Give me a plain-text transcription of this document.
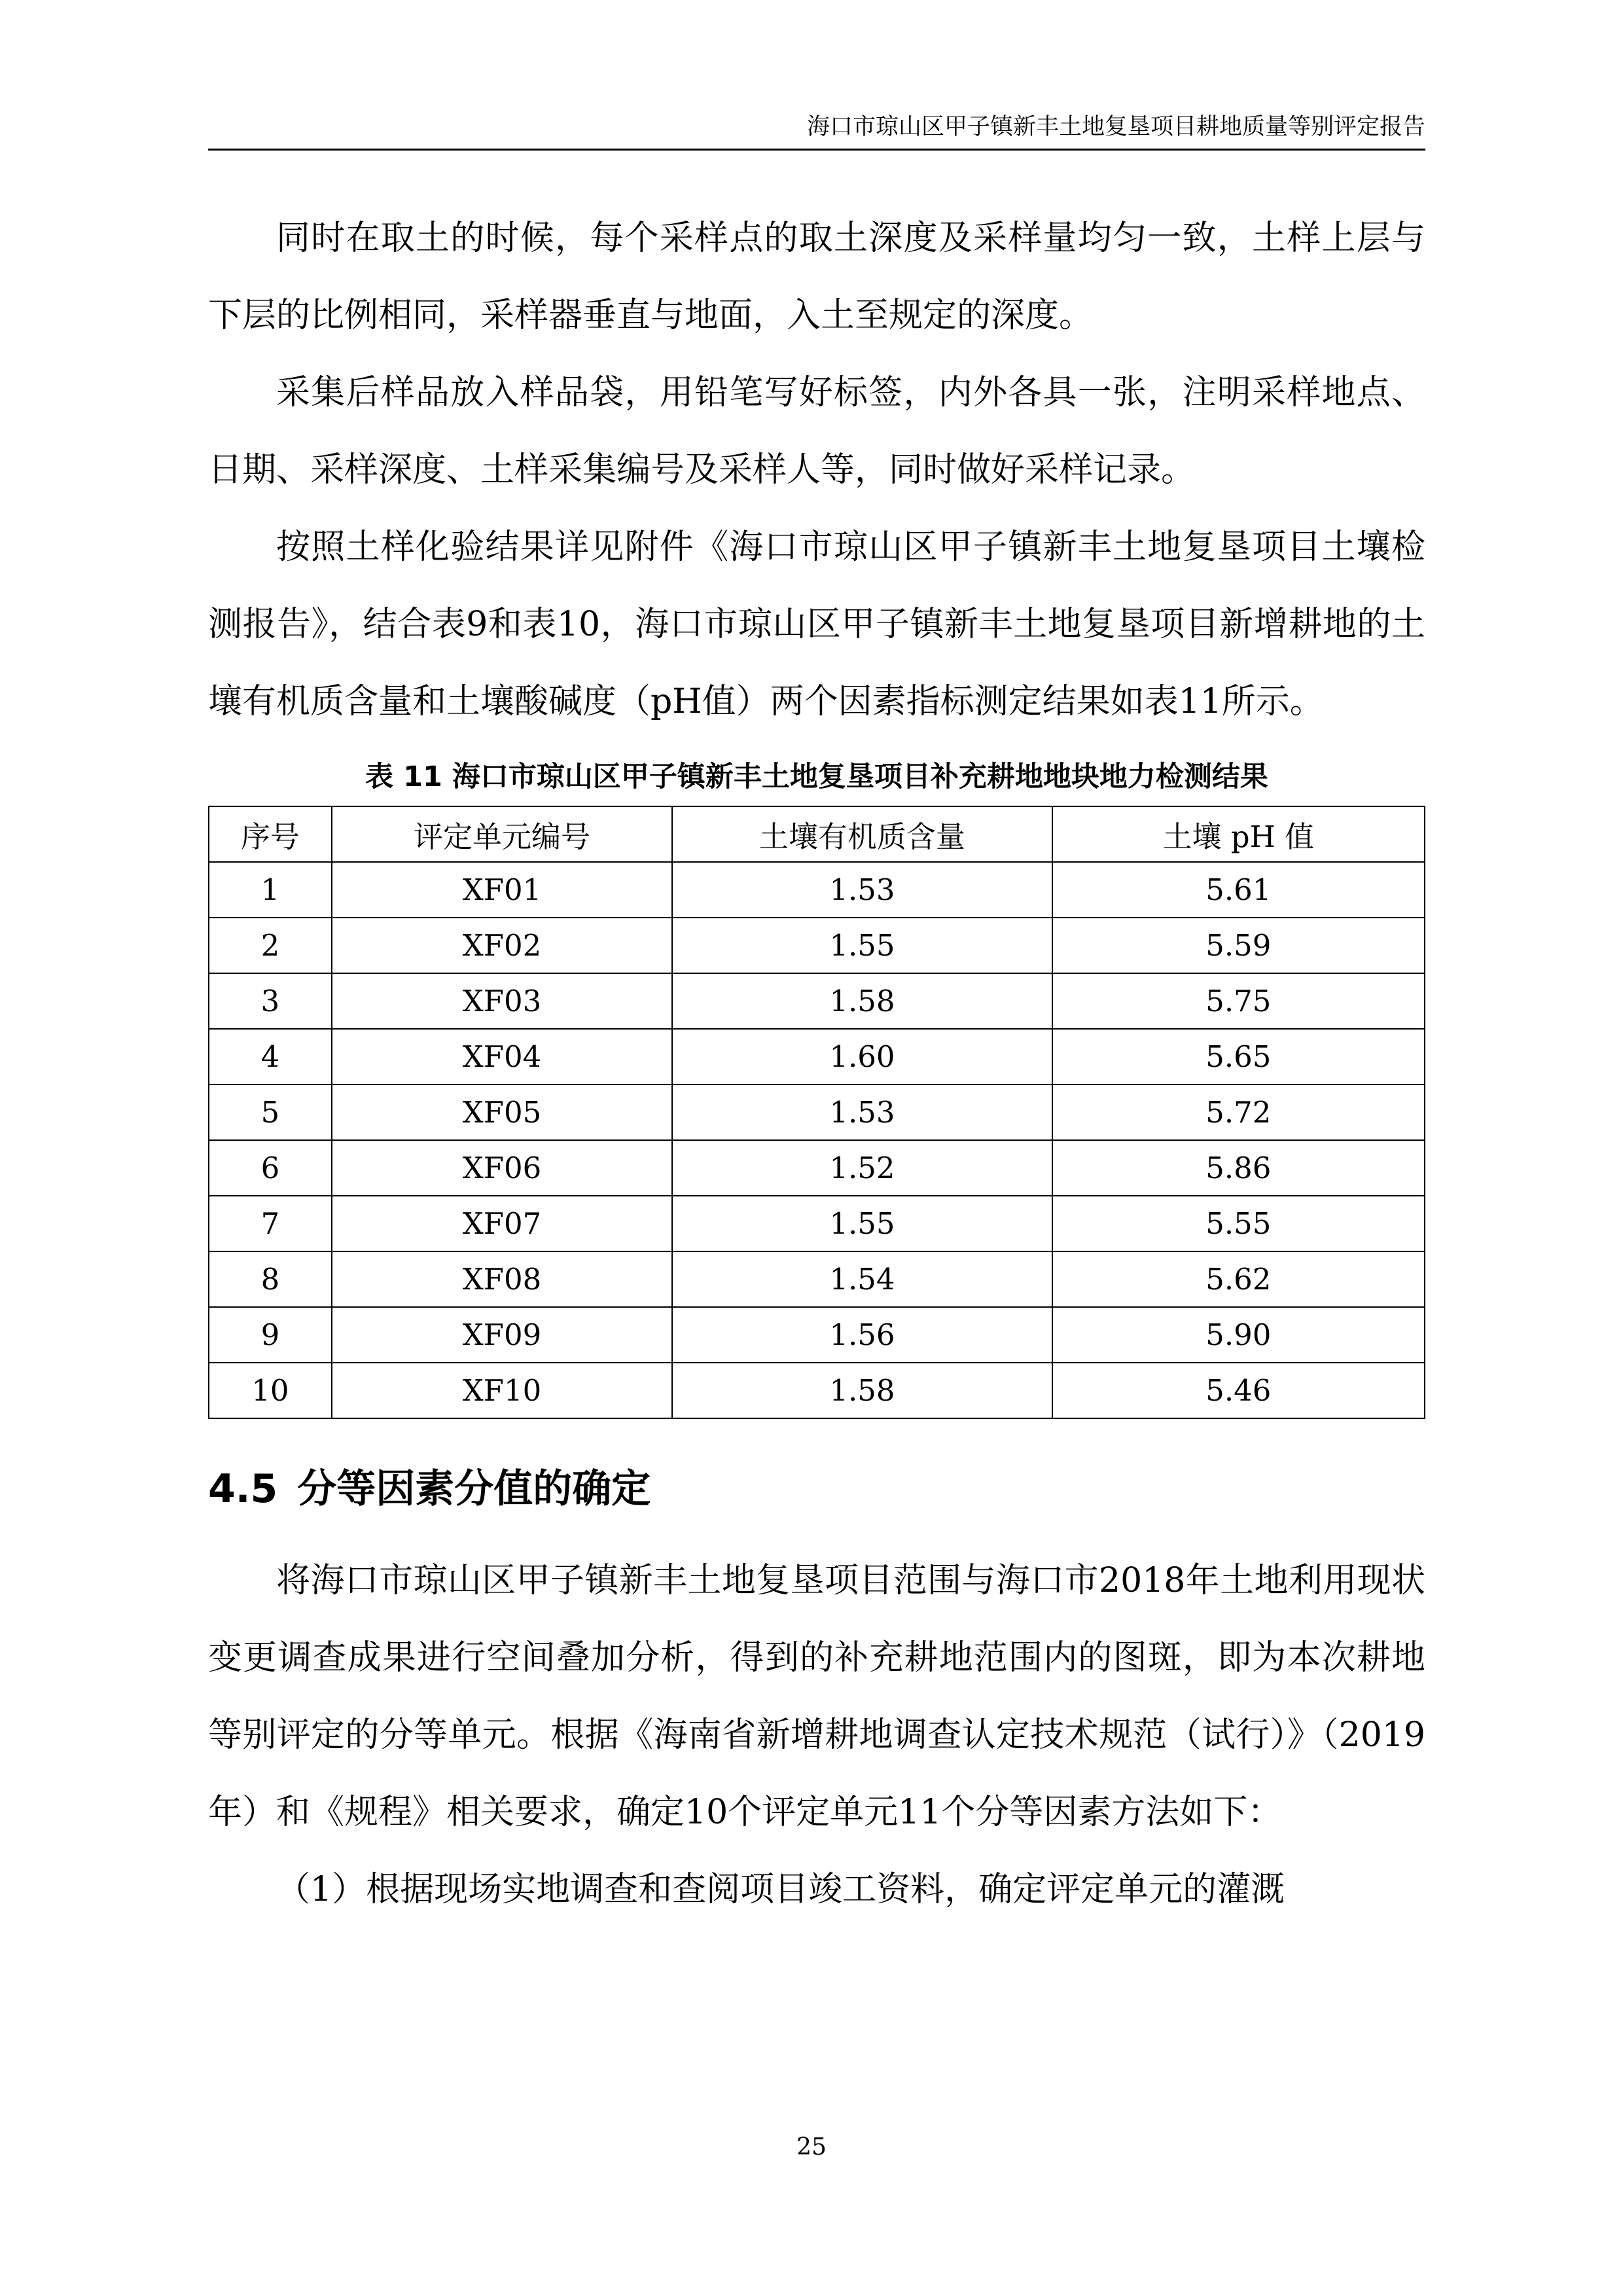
海口市琼山区甲子镇新丰土地复垦项目耕地质量等别评定报告

同时在取土的时候，每个采样点的取土深度及采样量均匀一致，土样上层与下层的比例相同，采样器垂直与地面，入土至规定的深度。

采集后样品放入样品袋，用铅笔写好标签，内外各具一张，注明采样地点、日期、采样深度、土样采集编号及采样人等，同时做好采样记录。

按照土样化验结果详见附件《海口市琼山区甲子镇新丰土地复垦项目土壤检测报告》，结合表9和表10，海口市琼山区甲子镇新丰土地复垦项目新增耕地的土壤有机质含量和土壤酸碱度（pH值）两个因素指标测定结果如表11所示。

表 11 海口市琼山区甲子镇新丰土地复垦项目补充耕地地块地力检测结果
序号	评定单元编号	土壤有机质含量	土壤 pH 值
1	XF01	1.53	5.61
2	XF02	1.55	5.59
3	XF03	1.58	5.75
4	XF04	1.60	5.65
5	XF05	1.53	5.72
6	XF06	1.52	5.86
7	XF07	1.55	5.55
8	XF08	1.54	5.62
9	XF09	1.56	5.90
10	XF10	1.58	5.46
4.5 分等因素分值的确定

将海口市琼山区甲子镇新丰土地复垦项目范围与海口市2018年土地利用现状变更调查成果进行空间叠加分析，得到的补充耕地范围内的图斑，即为本次耕地等别评定的分等单元。根据《海南省新增耕地调查认定技术规范（试行）》（2019年）和《规程》相关要求，确定10个评定单元11个分等因素方法如下：

（1）根据现场实地调查和查阅项目竣工资料，确定评定单元的灌溉

25
